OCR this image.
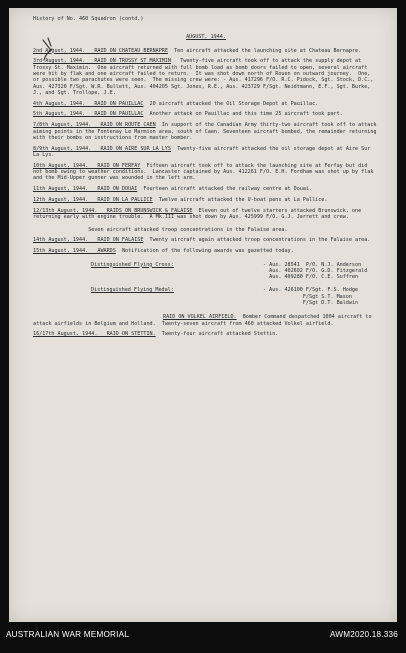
History of No. 460 Squadron (contd.)

AUGUST, 1944.

2nd August, 1944.   RAID ON CHATEAU BERNAPRE  Ten aircraft attacked the launching site at Chateau Bernapre.

3rd August, 1944.   RAID ON TROSSY ST MAXIMIN   Twenty-five aircraft took off to attack the supply depot at Trossy St. Maximin.  One aircraft returned with full bomb load as bomb doors failed to open, several aircraft were hit by flak and one aircraft failed to return.  It was shot down north of Rouen on outward journey.  One, or possible two parachutes were seen.  The missing crew were: - Aus. 417296 F/O. R.C. Pidock, Sgt. Stock, D.C., Aus. 427320 F/Sgt. W.R. Bullett, Aus. 404205 Sgt. Jones, R.E., Aus. 423729 F/Sgt. Neidtmann, E.F., Sgt. Burke, J., and Sgt. Trollope, J.E.

4th August, 1944.   RAID ON PAUILLAC  20 aircraft attacked the Oil Storage Depot at Pauillac.

5th August, 1944.   RAID ON PAUILLAC  Another attack on Pauillac and this time 25 aircraft took part.

7/8th August, 1944.   RAID ON ROUTE CAEN  In support of the Canadian Army thirty-two aircraft took off to attack aiming points in the Fontenay Le Marmion area, south of Caen. Seventeen aircraft bombed, the remainder returning with their bombs on instructions from master bomber.

8/9th August, 1944.   RAID ON AIRE SUR LA LYS  Twenty-five aircraft attacked the oil storage depot at Aire Sur La Lys.

10th August, 1944.   RAID ON FERFAY  Fifteen aircraft took off to attack the launching site at Ferfay but did not bomb owing to weather conditions.  Lancaster captained by Aus. 412261 F/O. E.H. Fordham was shot up by flak and the Mid-Upper gunner was wounded in the left arm.

11th August, 1944.   RAID ON DOUAI  Fourteen aircraft attacked the railway centre at Douai.

12th August, 1944.   RAID ON LA PALLICE  Twelve aircraft attacked the U-boat pens at La Pallice.

12/13th August, 1944.   RAIDS ON BRUNSWICK & FALAISE  Eleven out of twelve starters attacked Brunswick, one returning early with engine trouble.  A Mk.III was shot down by Aus. 425999 F/O. G.J. Jarrett and crew.

Seven aircraft attacked troop concentrations in the Falaise area.

14th August, 1944.   RAID ON FALAISE  Twenty aircraft again attacked troop concentrations in the Falaise area.

15th August, 1944.   AWARDS  Notification of the following awards was gazetted today.

Distinguished Flying Cross:	- Aus. 28541  P/O. N.J. Anderson
Aus. 402602 F/O. G.D. Fitzgerald
Aus. 409280 F/O. C.E. Suffren
Distinguished Flying Medal:	- Aus. 426100 F/Sgt. F.S. Hodge
F/Sgt S.T. Mason
F/Sgt D.T. Baldwin

RAID ON VOLKEL AIRFIELD.  Bomber Command despatched 1004 aircraft to attack airfields in Belgium and Holland.  Twenty-seven aircraft from 460 attacked Volkel airfield.

16/17th August, 1944.   RAID ON STETTIN.  Twenty-four aircraft attacked Stettin.

AUSTRALIAN WAR MEMORIAL	AWM2020.18.336
